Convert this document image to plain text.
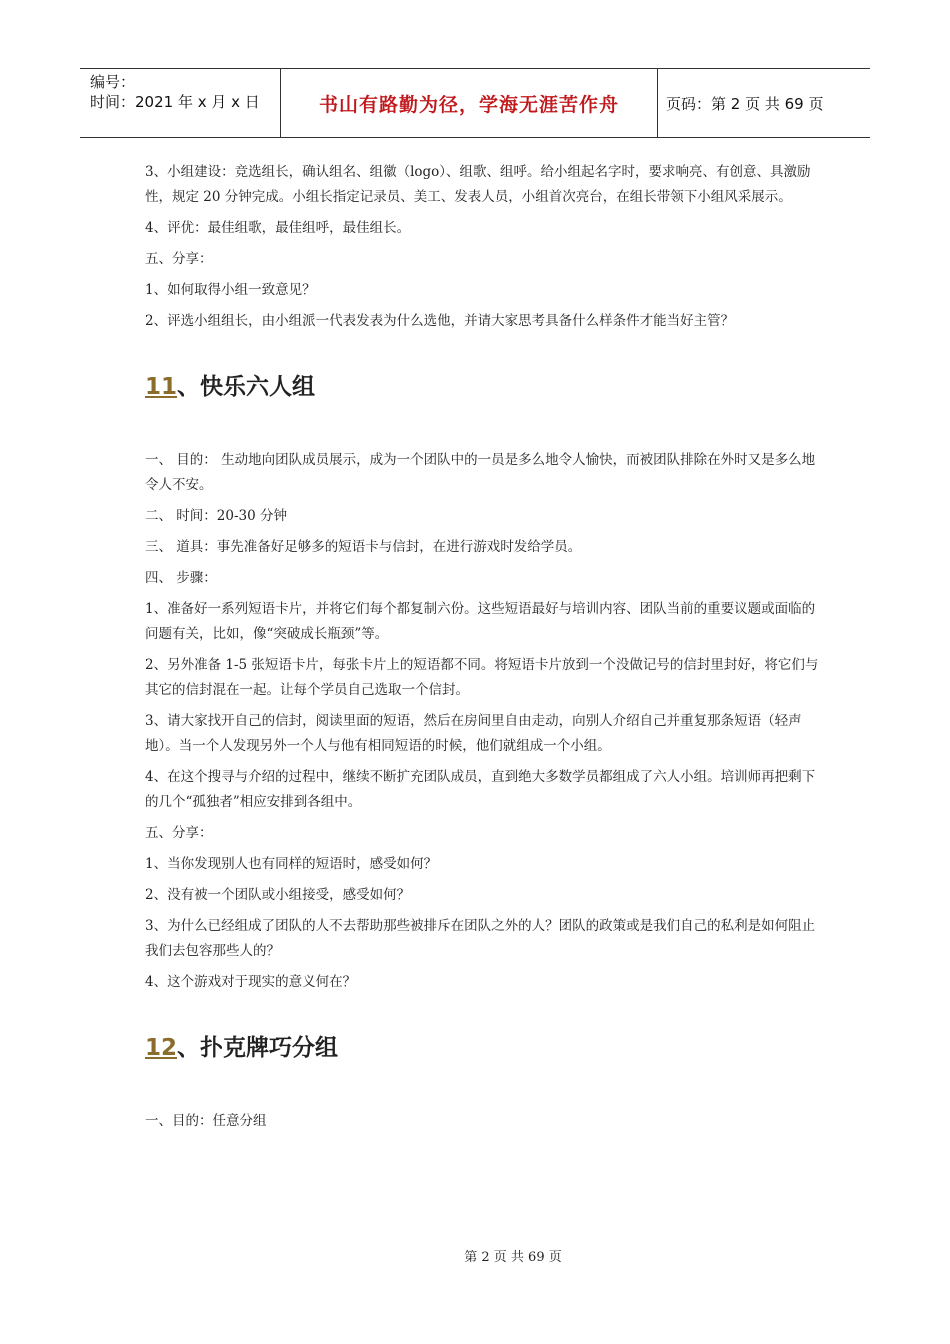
编号：
时间：2021 年 x 月 x 日	书山有路勤为径，学海无涯苦作舟	页码：第 2 页 共 69 页

3、小组建设：竞选组长，确认组名、组徽（logo）、组歌、组呼。给小组起名字时，要求响亮、有创意、具激励性，规定 20 分钟完成。小组长指定记录员、美工、发表人员，小组首次亮台，在组长带领下小组风采展示。

4、评优：最佳组歌，最佳组呼，最佳组长。

五、分享：

1、如何取得小组一致意见？

2、评选小组组长，由小组派一代表发表为什么选他，并请大家思考具备什么样条件才能当好主管？

11、快乐六人组

一、 目的： 生动地向团队成员展示，成为一个团队中的一员是多么地令人愉快，而被团队排除在外时又是多么地令人不安。

二、 时间：20-30 分钟

三、 道具：事先准备好足够多的短语卡与信封，在进行游戏时发给学员。

四、 步骤：

1、准备好一系列短语卡片，并将它们每个都复制六份。这些短语最好与培训内容、团队当前的重要议题或面临的问题有关，比如，像“突破成长瓶颈”等。

2、另外准备 1-5 张短语卡片，每张卡片上的短语都不同。将短语卡片放到一个没做记号的信封里封好，将它们与其它的信封混在一起。让每个学员自己选取一个信封。

3、请大家找开自己的信封，阅读里面的短语，然后在房间里自由走动，向别人介绍自己并重复那条短语（轻声地）。当一个人发现另外一个人与他有相同短语的时候，他们就组成一个小组。

4、在这个搜寻与介绍的过程中，继续不断扩充团队成员，直到绝大多数学员都组成了六人小组。培训师再把剩下的几个“孤独者”相应安排到各组中。

五、分享：

1、当你发现别人也有同样的短语时，感受如何？

2、没有被一个团队或小组接受，感受如何？

3、为什么已经组成了团队的人不去帮助那些被排斥在团队之外的人？团队的政策或是我们自己的私利是如何阻止我们去包容那些人的？

4、这个游戏对于现实的意义何在？

12、扑克牌巧分组

一、目的：任意分组

第 2 页 共 69 页
